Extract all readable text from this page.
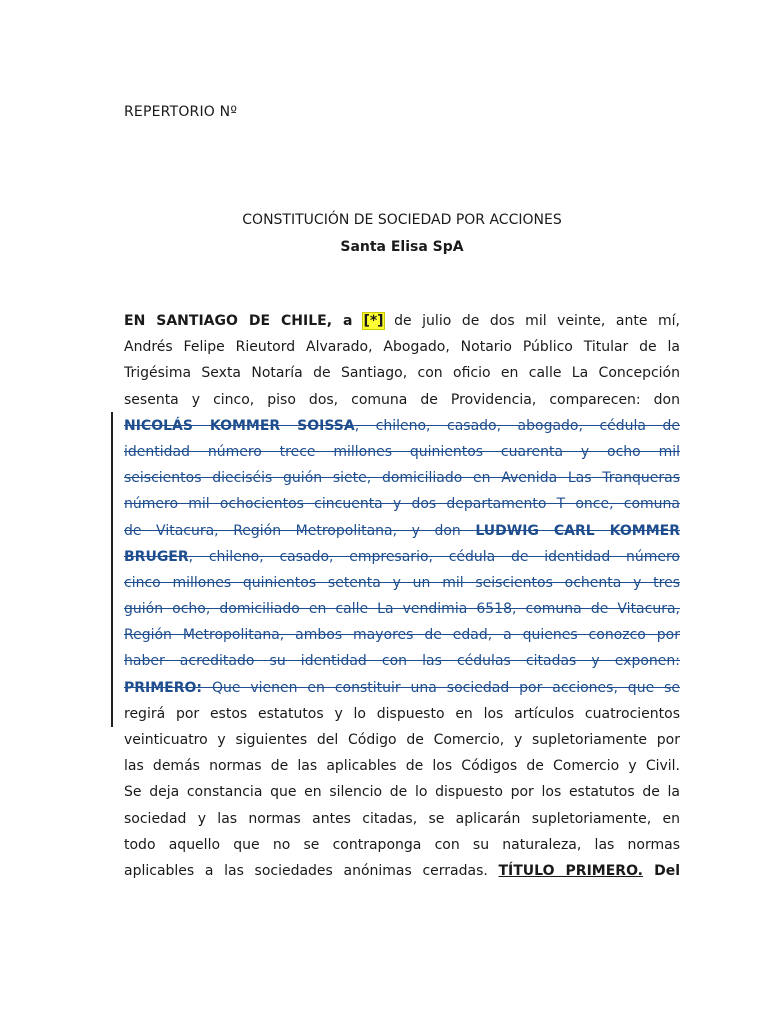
REPERTORIO Nº
CONSTITUCIÓN DE SOCIEDAD POR ACCIONES
Santa Elisa SpA
EN SANTIAGO DE CHILE, a [*] de julio de dos mil veinte, ante mí,
Andrés Felipe Rieutord Alvarado, Abogado, Notario Público Titular de la
Trigésima Sexta Notaría de Santiago, con oficio en calle La Concepción
sesenta y cinco, piso dos, comuna de Providencia, comparecen: don
NICOLÁS KOMMER SOISSA, chileno, casado, abogado, cédula de
identidad número trece millones quinientos cuarenta y ocho mil
seiscientos dieciséis guión siete, domiciliado en Avenida Las Tranqueras
número mil ochocientos cincuenta y dos departamento T once, comuna
de Vitacura, Región Metropolitana, y don LUDWIG CARL KOMMER
BRUGER, chileno, casado, empresario, cédula de identidad número
cinco millones quinientos setenta y un mil seiscientos ochenta y tres
guión ocho, domiciliado en calle La vendimia 6518, comuna de Vitacura,
Región Metropolitana, ambos mayores de edad, a quienes conozco por
haber acreditado su identidad con las cédulas citadas y exponen:
PRIMERO: Que vienen en constituir una sociedad por acciones, que se
regirá por estos estatutos y lo dispuesto en los artículos cuatrocientos
veinticuatro y siguientes del Código de Comercio, y supletoriamente por
las demás normas de las aplicables de los Códigos de Comercio y Civil.
Se deja constancia que en silencio de lo dispuesto por los estatutos de la
sociedad y las normas antes citadas, se aplicarán supletoriamente, en
todo aquello que no se contraponga con su naturaleza, las normas
aplicables a las sociedades anónimas cerradas. TÍTULO PRIMERO. Del
